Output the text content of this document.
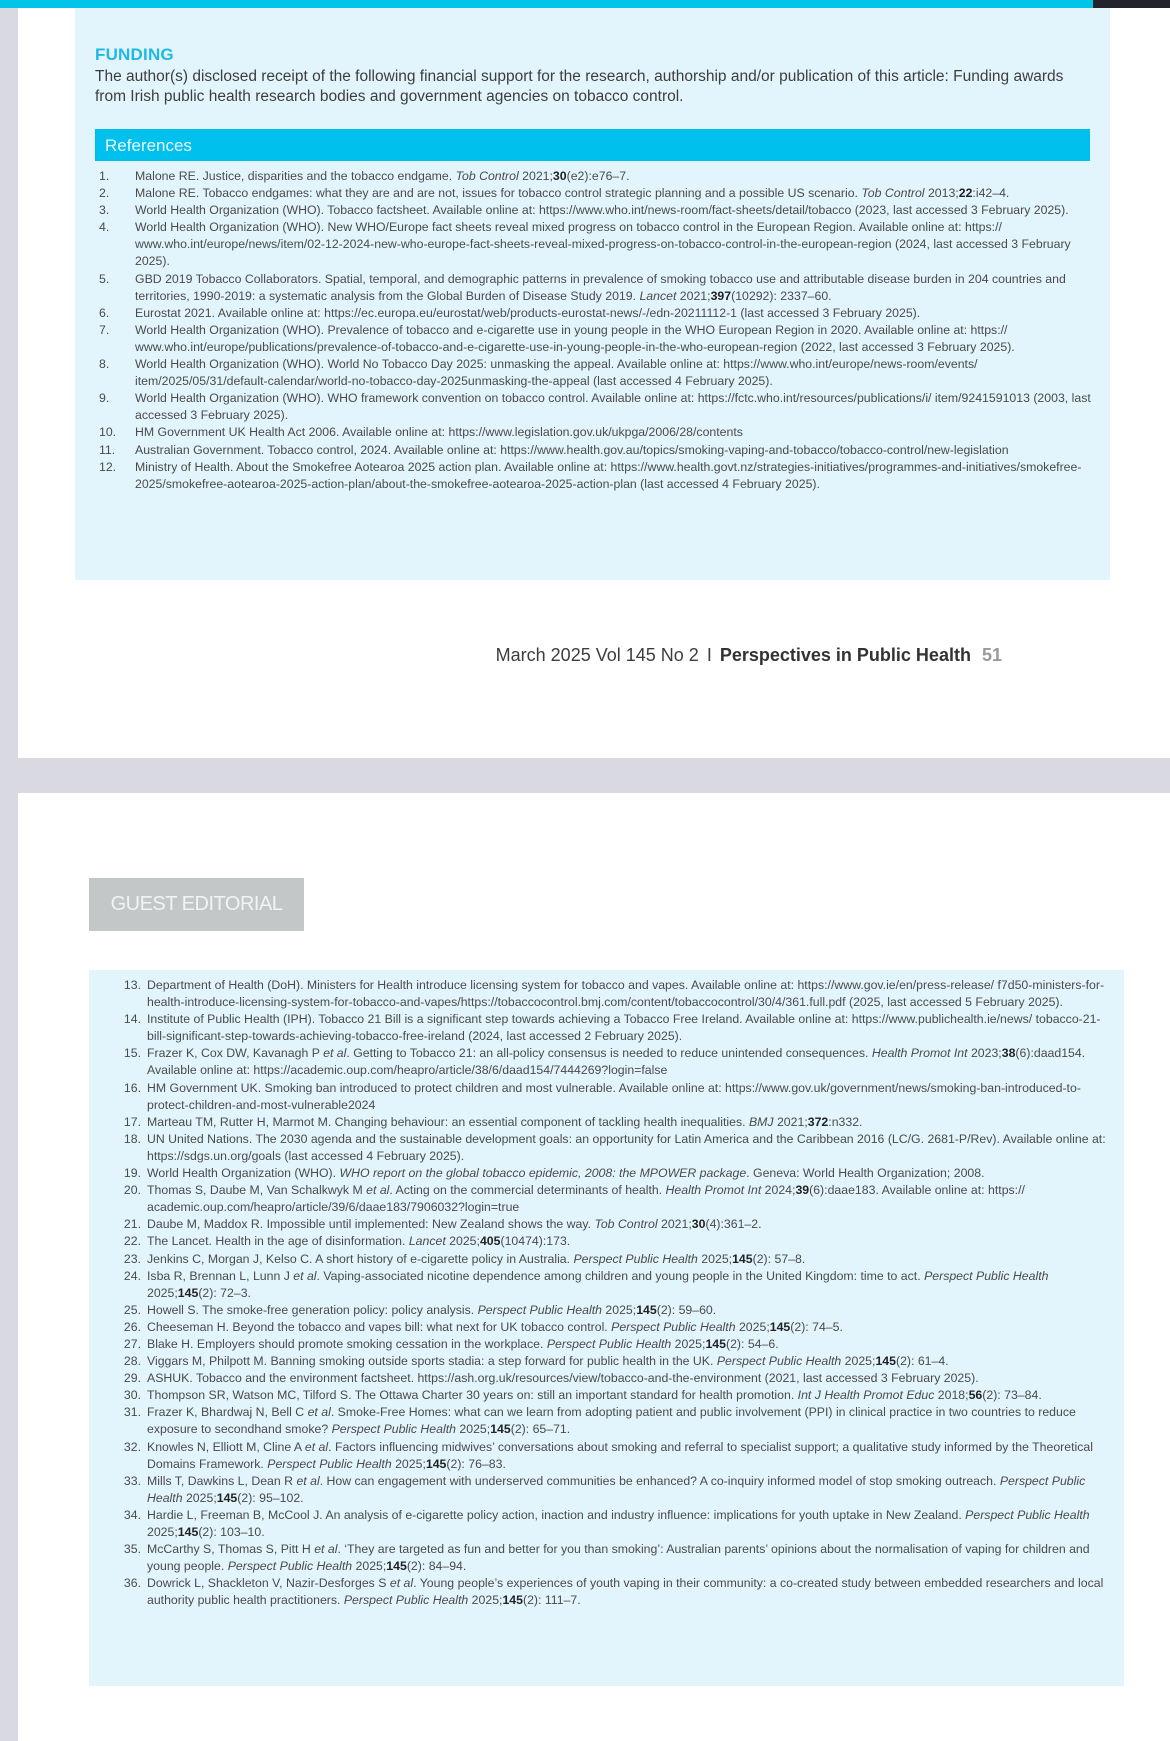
FUNDING
The author(s) disclosed receipt of the following financial support for the research, authorship and/or publication of this article: Funding awards from Irish public health research bodies and government agencies on tobacco control.
References
1.	Malone RE. Justice, disparities and the tobacco endgame. Tob Control 2021;30(e2):e76–7.
2.	Malone RE. Tobacco endgames: what they are and are not, issues for tobacco control strategic planning and a possible US scenario. Tob Control 2013;22:i42–4.
3.	World Health Organization (WHO). Tobacco factsheet. Available online at: https://www.who.int/news-room/fact-sheets/detail/tobacco (2023, last accessed 3 February 2025).
4.	World Health Organization (WHO). New WHO/Europe fact sheets reveal mixed progress on tobacco control in the European Region. Available online at: https:// www.who.int/europe/news/item/02-12-2024-new-who-europe-fact-sheets-reveal-mixed-progress-on-tobacco-control-in-the-european-region (2024, last accessed 3 February 2025).
5.	GBD 2019 Tobacco Collaborators. Spatial, temporal, and demographic patterns in prevalence of smoking tobacco use and attributable disease burden in 204 countries and territories, 1990-2019: a systematic analysis from the Global Burden of Disease Study 2019. Lancet 2021;397(10292): 2337–60.
6.	Eurostat 2021. Available online at: https://ec.europa.eu/eurostat/web/products-eurostat-news/-/edn-20211112-1 (last accessed 3 February 2025).
7.	World Health Organization (WHO). Prevalence of tobacco and e-cigarette use in young people in the WHO European Region in 2020. Available online at: https:// www.who.int/europe/publications/prevalence-of-tobacco-and-e-cigarette-use-in-young-people-in-the-who-european-region (2022, last accessed 3 February 2025).
8.	World Health Organization (WHO). World No Tobacco Day 2025: unmasking the appeal. Available online at: https://www.who.int/europe/news-room/events/ item/2025/05/31/default-calendar/world-no-tobacco-day-2025unmasking-the-appeal (last accessed 4 February 2025).
9.	World Health Organization (WHO). WHO framework convention on tobacco control. Available online at: https://fctc.who.int/resources/publications/i/ item/9241591013 (2003, last accessed 3 February 2025).
10.	HM Government UK Health Act 2006. Available online at: https://www.legislation.gov.uk/ukpga/2006/28/contents
11.	Australian Government. Tobacco control, 2024. Available online at: https://www.health.gov.au/topics/smoking-vaping-and-tobacco/tobacco-control/new-legislation
12.	Ministry of Health. About the Smokefree Aotearoa 2025 action plan. Available online at: https://www.health.govt.nz/strategies-initiatives/programmes-and-initiatives/smokefree-2025/smokefree-aotearoa-2025-action-plan/about-the-smokefree-aotearoa-2025-action-plan (last accessed 4 February 2025).
March 2025 Vol 145 No 2 I Perspectives in Public Health 51
GUEST EDITORIAL
13. Department of Health (DoH). Ministers for Health introduce licensing system for tobacco and vapes. Available online at: https://www.gov.ie/en/press-release/ f7d50-ministers-for-health-introduce-licensing-system-for-tobacco-and-vapes/https://tobaccocontrol.bmj.com/content/tobaccocontrol/30/4/361.full.pdf (2025, last accessed 5 February 2025).
14. Institute of Public Health (IPH). Tobacco 21 Bill is a significant step towards achieving a Tobacco Free Ireland. Available online at: https://www.publichealth.ie/news/ tobacco-21-bill-significant-step-towards-achieving-tobacco-free-ireland (2024, last accessed 2 February 2025).
15. Frazer K, Cox DW, Kavanagh P et al. Getting to Tobacco 21: an all-policy consensus is needed to reduce unintended consequences. Health Promot Int 2023;38(6):daad154. Available online at: https://academic.oup.com/heapro/article/38/6/daad154/7444269?login=false
16. HM Government UK. Smoking ban introduced to protect children and most vulnerable. Available online at: https://www.gov.uk/government/news/smoking-ban-introduced-to-protect-children-and-most-vulnerable2024
17. Marteau TM, Rutter H, Marmot M. Changing behaviour: an essential component of tackling health inequalities. BMJ 2021;372:n332.
18. UN United Nations. The 2030 agenda and the sustainable development goals: an opportunity for Latin America and the Caribbean 2016 (LC/G. 2681-P/Rev). Available online at: https://sdgs.un.org/goals (last accessed 4 February 2025).
19. World Health Organization (WHO). WHO report on the global tobacco epidemic, 2008: the MPOWER package. Geneva: World Health Organization; 2008.
20. Thomas S, Daube M, Van Schalkwyk M et al. Acting on the commercial determinants of health. Health Promot Int 2024;39(6):daae183. Available online at: https:// academic.oup.com/heapro/article/39/6/daae183/7906032?login=true
21. Daube M, Maddox R. Impossible until implemented: New Zealand shows the way. Tob Control 2021;30(4):361–2.
22. The Lancet. Health in the age of disinformation. Lancet 2025;405(10474):173.
23. Jenkins C, Morgan J, Kelso C. A short history of e-cigarette policy in Australia. Perspect Public Health 2025;145(2): 57–8.
24. Isba R, Brennan L, Lunn J et al. Vaping-associated nicotine dependence among children and young people in the United Kingdom: time to act. Perspect Public Health 2025;145(2): 72–3.
25. Howell S. The smoke-free generation policy: policy analysis. Perspect Public Health 2025;145(2): 59–60.
26. Cheeseman H. Beyond the tobacco and vapes bill: what next for UK tobacco control. Perspect Public Health 2025;145(2): 74–5.
27. Blake H. Employers should promote smoking cessation in the workplace. Perspect Public Health 2025;145(2): 54–6.
28. Viggars M, Philpott M. Banning smoking outside sports stadia: a step forward for public health in the UK. Perspect Public Health 2025;145(2): 61–4.
29. ASHUK. Tobacco and the environment factsheet. https://ash.org.uk/resources/view/tobacco-and-the-environment (2021, last accessed 3 February 2025).
30. Thompson SR, Watson MC, Tilford S. The Ottawa Charter 30 years on: still an important standard for health promotion. Int J Health Promot Educ 2018;56(2): 73–84.
31. Frazer K, Bhardwaj N, Bell C et al. Smoke-Free Homes: what can we learn from adopting patient and public involvement (PPI) in clinical practice in two countries to reduce exposure to secondhand smoke? Perspect Public Health 2025;145(2): 65–71.
32. Knowles N, Elliott M, Cline A et al. Factors influencing midwives’ conversations about smoking and referral to specialist support; a qualitative study informed by the Theoretical Domains Framework. Perspect Public Health 2025;145(2): 76–83.
33. Mills T, Dawkins L, Dean R et al. How can engagement with underserved communities be enhanced? A co-inquiry informed model of stop smoking outreach. Perspect Public Health 2025;145(2): 95–102.
34. Hardie L, Freeman B, McCool J. An analysis of e-cigarette policy action, inaction and industry influence: implications for youth uptake in New Zealand. Perspect Public Health 2025;145(2): 103–10.
35. McCarthy S, Thomas S, Pitt H et al. ‘They are targeted as fun and better for you than smoking’: Australian parents’ opinions about the normalisation of vaping for children and young people. Perspect Public Health 2025;145(2): 84–94.
36. Dowrick L, Shackleton V, Nazir-Desforges S et al. Young people’s experiences of youth vaping in their community: a co-created study between embedded researchers and local authority public health practitioners. Perspect Public Health 2025;145(2): 111–7.
